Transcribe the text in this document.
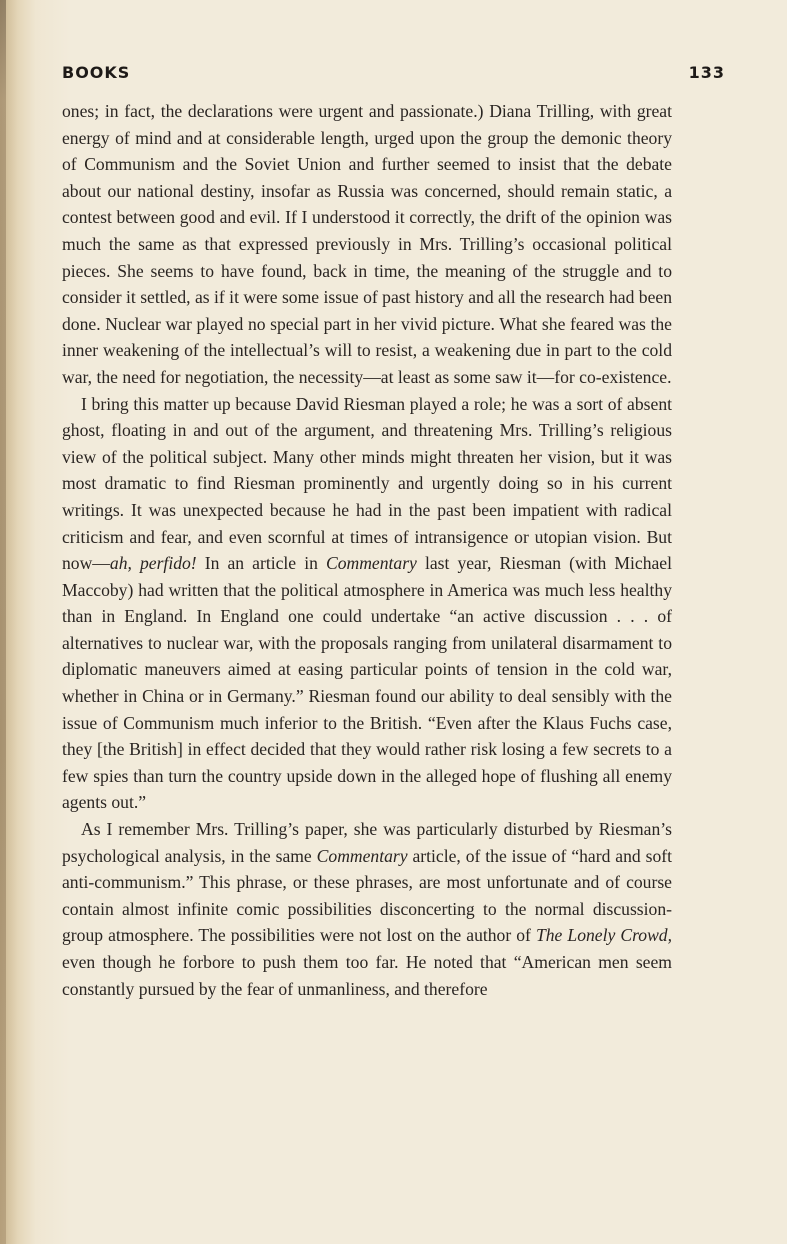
BOOKS	133

ones; in fact, the declarations were urgent and passionate.) Diana Trilling, with great energy of mind and at considerable length, urged upon the group the demonic theory of Communism and the Soviet Union and further seemed to insist that the debate about our national destiny, insofar as Russia was concerned, should remain static, a contest between good and evil. If I understood it correctly, the drift of the opinion was much the same as that expressed previously in Mrs. Trilling’s occasional political pieces. She seems to have found, back in time, the meaning of the struggle and to consider it settled, as if it were some issue of past history and all the research had been done. Nuclear war played no special part in her vivid picture. What she feared was the inner weakening of the intellectual’s will to resist, a weakening due in part to the cold war, the need for negotiation, the necessity—at least as some saw it—for co-existence.

I bring this matter up because David Riesman played a role; he was a sort of absent ghost, floating in and out of the argument, and threatening Mrs. Trilling’s religious view of the political subject. Many other minds might threaten her vision, but it was most dramatic to find Riesman prominently and urgently doing so in his current writings. It was unexpected because he had in the past been impatient with radical criticism and fear, and even scornful at times of intransigence or utopian vision. But now—ah, perfido! In an article in Commentary last year, Riesman (with Michael Maccoby) had written that the political atmosphere in America was much less healthy than in England. In England one could undertake “an active discussion . . . of alternatives to nuclear war, with the proposals ranging from unilateral disarmament to diplomatic maneuvers aimed at easing particular points of tension in the cold war, whether in China or in Germany.” Riesman found our ability to deal sensibly with the issue of Communism much inferior to the British. “Even after the Klaus Fuchs case, they [the British] in effect decided that they would rather risk losing a few secrets to a few spies than turn the country upside down in the alleged hope of flushing all enemy agents out.”

As I remember Mrs. Trilling’s paper, she was particularly disturbed by Riesman’s psychological analysis, in the same Commentary article, of the issue of “hard and soft anti-communism.” This phrase, or these phrases, are most unfortunate and of course contain almost infinite comic possibilities disconcerting to the normal discussion-group atmosphere. The possibilities were not lost on the author of The Lonely Crowd, even though he forbore to push them too far. He noted that “American men seem constantly pursued by the fear of unmanliness, and therefore
